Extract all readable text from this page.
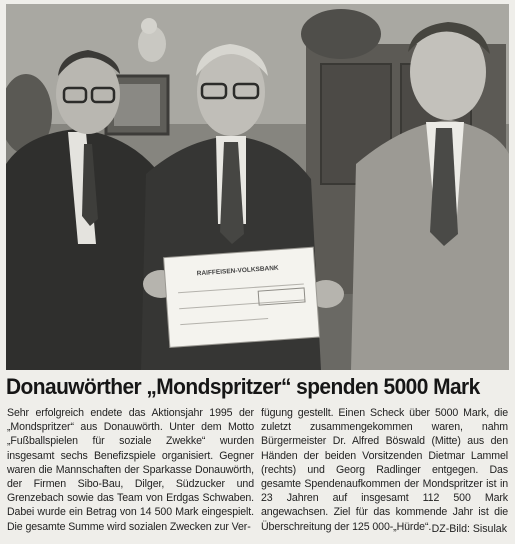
RAIFFEISEN-VOLKSBANK
Donauwörther „Mondspritzer“ spenden 5000 Mark
Sehr erfolgreich endete das Aktionsjahr 1995 der „Mondspritzer“ aus Donauwörth. Unter dem Motto „Fußballspielen für soziale Zwekke“ wurden insgesamt sechs Benefizspiele organisiert. Gegner waren die Mannschaften der Sparkasse Donauwörth, der Firmen Sibo-Bau, Dilger, Südzucker und Grenzebach sowie das Team von Erdgas Schwaben. Dabei wurde ein Betrag von 14 500 Mark eingespielt. Die gesamte Summe wird sozialen Zwecken zur Ver-
fügung gestellt. Einen Scheck über 5000 Mark, die zuletzt zusammengekommen waren, nahm Bürgermeister Dr. Alfred Böswald (Mitte) aus den Händen der beiden Vorsitzenden Dietmar Lammel (rechts) und Georg Radlinger entgegen. Das gesamte Spendenaufkommen der Mondspritzer ist in 23 Jahren auf insgesamt 112 500 Mark angewachsen. Ziel für das kommende Jahr ist die Überschreitung der 125 000-„Hürde“. DZ-Bild: Sisulak
